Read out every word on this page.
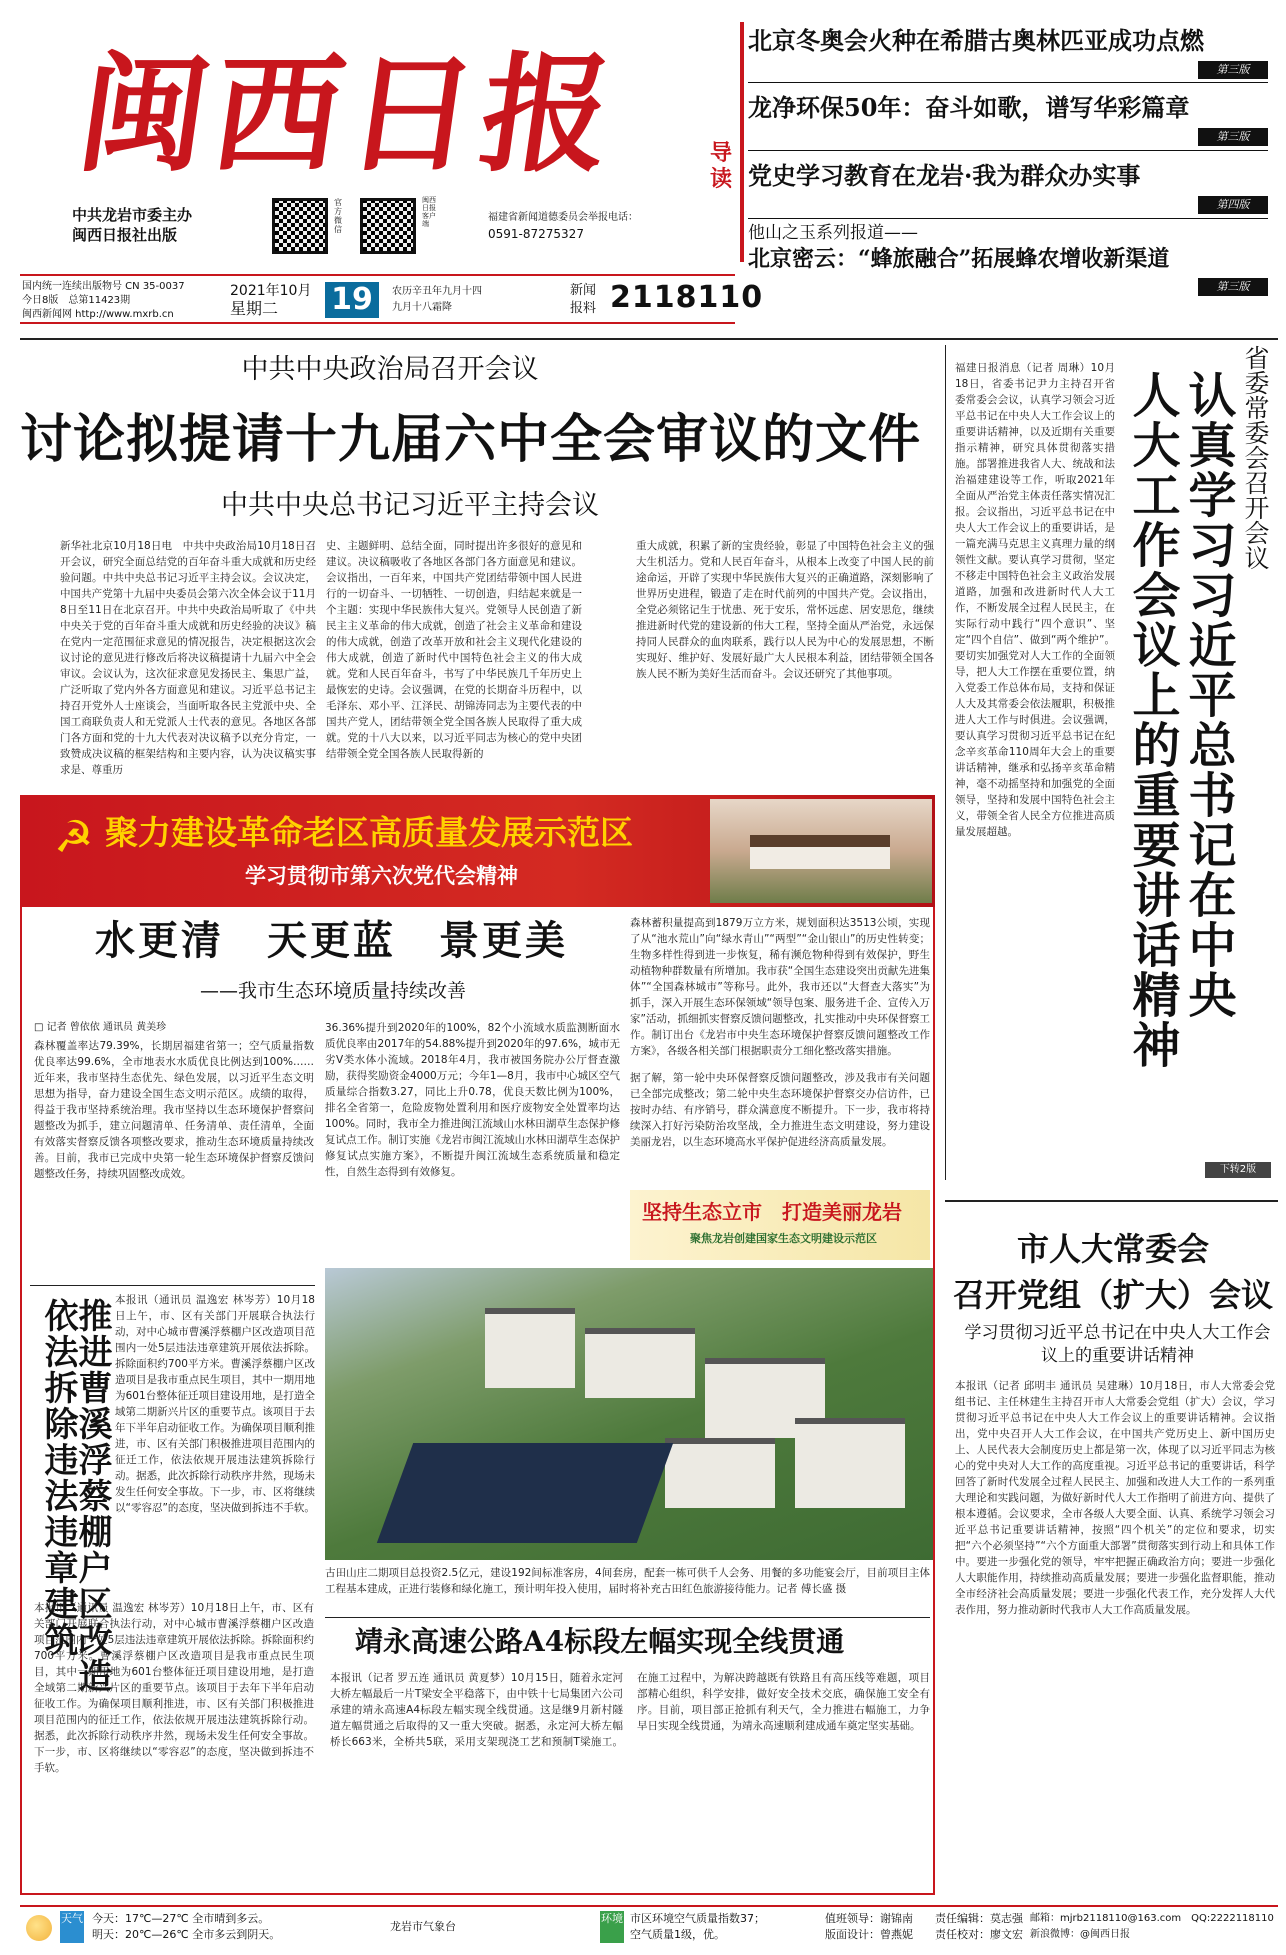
闽西日报
中共龙岩市委主办
闽西日报社出版
官方微信
闽西日报客户端
福建省新闻道德委员会举报电话：
0591-87275327
国内统一连续出版物号 CN 35-0037
今日8版　总第11423期
闽西新闻网 http://www.mxrb.cn
2021年10月
星期二	19	农历辛丑年九月十四
九月十八霜降
新闻
报料 2118110
导读
北京冬奥会火种在希腊古奥林匹亚成功点燃
第三版
龙净环保50年：奋斗如歌，谱写华彩篇章
第三版
党史学习教育在龙岩·我为群众办实事
第四版
他山之玉系列报道——
北京密云：“蜂旅融合”拓展蜂农增收新渠道
第三版
中共中央政治局召开会议
讨论拟提请十九届六中全会审议的文件
中共中央总书记习近平主持会议
新华社北京10月18日电　中共中央政治局10月18日召开会议，研究全面总结党的百年奋斗重大成就和历史经验问题。中共中央总书记习近平主持会议。会议决定，中国共产党第十九届中央委员会第六次全体会议于11月8日至11日在北京召开。中共中央政治局听取了《中共中央关于党的百年奋斗重大成就和历史经验的决议》稿在党内一定范围征求意见的情况报告，决定根据这次会议讨论的意见进行修改后将决议稿提请十九届六中全会审议。会议认为，这次征求意见发扬民主、集思广益，广泛听取了党内外各方面意见和建议。习近平总书记主持召开党外人士座谈会，当面听取各民主党派中央、全国工商联负责人和无党派人士代表的意见。各地区各部门各方面和党的十九大代表对决议稿予以充分肯定，一致赞成决议稿的框架结构和主要内容，认为决议稿实事求是、尊重历
史、主题鲜明、总结全面，同时提出许多很好的意见和建议。决议稿吸收了各地区各部门各方面意见和建议。会议指出，一百年来，中国共产党团结带领中国人民进行的一切奋斗、一切牺牲、一切创造，归结起来就是一个主题：实现中华民族伟大复兴。党领导人民创造了新民主主义革命的伟大成就，创造了社会主义革命和建设的伟大成就，创造了改革开放和社会主义现代化建设的伟大成就，创造了新时代中国特色社会主义的伟大成就。党和人民百年奋斗，书写了中华民族几千年历史上最恢宏的史诗。会议强调，在党的长期奋斗历程中，以毛泽东、邓小平、江泽民、胡锦涛同志为主要代表的中国共产党人，团结带领全党全国各族人民取得了重大成就。党的十八大以来，以习近平同志为核心的党中央团结带领全党全国各族人民取得新的
重大成就，积累了新的宝贵经验，彰显了中国特色社会主义的强大生机活力。党和人民百年奋斗，从根本上改变了中国人民的前途命运，开辟了实现中华民族伟大复兴的正确道路，深刻影响了世界历史进程，锻造了走在时代前列的中国共产党。会议指出，全党必须铭记生于忧患、死于安乐，常怀远虑、居安思危，继续推进新时代党的建设新的伟大工程，坚持全面从严治党，永远保持同人民群众的血肉联系，践行以人民为中心的发展思想，不断实现好、维护好、发展好最广大人民根本利益，团结带领全国各族人民不断为美好生活而奋斗。会议还研究了其他事项。
省委常委会召开会议
认真学习习近平总书记在中央
人大工作会议上的重要讲话精神
福建日报消息（记者 周琳）10月18日，省委书记尹力主持召开省委常委会会议，认真学习领会习近平总书记在中央人大工作会议上的重要讲话精神，以及近期有关重要指示精神，研究具体贯彻落实措施。部署推进我省人大、统战和法治福建建设等工作，听取2021年全面从严治党主体责任落实情况汇报。会议指出，习近平总书记在中央人大工作会议上的重要讲话，是一篇充满马克思主义真理力量的纲领性文献。要认真学习贯彻，坚定不移走中国特色社会主义政治发展道路，加强和改进新时代人大工作，不断发展全过程人民民主，在实际行动中践行“四个意识”、坚定“四个自信”、做到“两个维护”。要切实加强党对人大工作的全面领导，把人大工作摆在重要位置，纳入党委工作总体布局，支持和保证人大及其常委会依法履职，积极推进人大工作与时俱进。会议强调，要认真学习贯彻习近平总书记在纪念辛亥革命110周年大会上的重要讲话精神，继承和弘扬辛亥革命精神，毫不动摇坚持和加强党的全面领导，坚持和发展中国特色社会主义，带领全省人民全方位推进高质量发展超越。
下转2版
☭ 聚力建设革命老区高质量发展示范区
学习贯彻市第六次党代会精神
水更清　天更蓝　景更美
——我市生态环境质量持续改善
□ 记者 曾依依 通讯员 黄美珍
森林覆盖率达79.39%，长期居福建省第一；空气质量指数优良率达99.6%，全市地表水水质优良比例达到100%……近年来，我市坚持生态优先、绿色发展，以习近平生态文明思想为指导，奋力建设全国生态文明示范区。成绩的取得，得益于我市坚持系统治理。我市坚持以生态环境保护督察问题整改为抓手，建立问题清单、任务清单、责任清单，全面有效落实督察反馈各项整改要求，推动生态环境质量持续改善。目前，我市已完成中央第一轮生态环境保护督察反馈问题整改任务，持续巩固整改成效。
36.36%提升到2020年的100%，82个小流域水质监测断面水质优良率由2017年的54.88%提升到2020年的97.6%，城市无劣Ⅴ类水体小流域。2018年4月，我市被国务院办公厅督查激励，获得奖励资金4000万元；今年1—8月，我市中心城区空气质量综合指数3.27，同比上升0.78，优良天数比例为100%，排名全省第一，危险废物处置利用和医疗废物安全处置率均达100%。同时，我市全力推进闽江流域山水林田湖草生态保护修复试点工作。制订实施《龙岩市闽江流域山水林田湖草生态保护修复试点实施方案》，不断提升闽江流域生态系统质量和稳定性，自然生态得到有效修复。
森林蓄积量提高到1879万立方米，规划面积达3513公顷，实现了从“池水荒山”向“绿水青山”“两型”“金山银山”的历史性转变；生物多样性得到进一步恢复，稀有濒危物种得到有效保护，野生动植物种群数量有所增加。我市获“全国生态建设突出贡献先进集体”“全国森林城市”等称号。此外，我市还以“大督查大落实”为抓手，深入开展生态环保领域“领导包案、服务进千企、宣传入万家”活动，抓细抓实督察反馈问题整改，扎实推动中央环保督察工作。制订出台《龙岩市中央生态环境保护督察反馈问题整改工作方案》，各级各相关部门根据职责分工细化整改落实措施。
据了解，第一轮中央环保督察反馈问题整改，涉及我市有关问题已全部完成整改；第二轮中央生态环境保护督察交办信访件，已按时办结、有序销号，群众满意度不断提升。下一步，我市将持续深入打好污染防治攻坚战，全力推进生态文明建设，努力建设美丽龙岩，以生态环境高水平保护促进经济高质量发展。
坚持生态立市　打造美丽龙岩
聚焦龙岩创建国家生态文明建设示范区
推进曹溪浮蔡棚户区改造
依法拆除违法违章建筑	本报讯（通讯员 温逸宏 林岑芳）10月18日上午，市、区有关部门开展联合执法行动，对中心城市曹溪浮蔡棚户区改造项目范围内一处5层违法违章建筑开展依法拆除。拆除面积约700平方米。曹溪浮蔡棚户区改造项目是我市重点民生项目，其中一期用地为601台整体征迁项目建设用地，是打造全域第二期新兴片区的重要节点。该项目于去年下半年启动征收工作。为确保项目顺利推进，市、区有关部门积极推进项目范围内的征迁工作，依法依规开展违法建筑拆除行动。据悉，此次拆除行动秩序井然，现场未发生任何安全事故。下一步，市、区将继续以“零容忍”的态度，坚决做到拆违不手软。
本报讯（通讯员 温逸宏 林岑芳）10月18日上午，市、区有关部门开展联合执法行动，对中心城市曹溪浮蔡棚户区改造项目范围内一处5层违法违章建筑开展依法拆除。拆除面积约700平方米。曹溪浮蔡棚户区改造项目是我市重点民生项目，其中一期用地为601台整体征迁项目建设用地，是打造全域第二期新兴片区的重要节点。该项目于去年下半年启动征收工作。为确保项目顺利推进，市、区有关部门积极推进项目范围内的征迁工作，依法依规开展违法建筑拆除行动。据悉，此次拆除行动秩序井然，现场未发生任何安全事故。下一步，市、区将继续以“零容忍”的态度，坚决做到拆违不手软。
古田山庄二期项目总投资2.5亿元，建设192间标准客房，4间套房，配套一栋可供千人会务、用餐的多功能宴会厅，目前项目主体工程基本建成，正进行装修和绿化施工，预计明年投入使用，届时将补充古田红色旅游接待能力。记者 傅长盛 摄
靖永高速公路A4标段左幅实现全线贯通
本报讯（记者 罗五连 通讯员 黄夏梦）10月15日，随着永定河大桥左幅最后一片T梁安全平稳落下，由中铁十七局集团六公司承建的靖永高速A4标段左幅实现全线贯通。这是继9月新村隧道左幅贯通之后取得的又一重大突破。据悉，永定河大桥左幅桥长663米，全桥共5联，采用支架现浇工艺和预制T梁施工。在施工过程中，为解决跨越既有铁路且有高压线等难题，项目部精心组织，科学安排，做好安全技术交底，确保施工安全有序。目前，项目部正抢抓有利天气，全力推进右幅施工，力争早日实现全线贯通，为靖永高速顺利建成通车奠定坚实基础。
市人大常委会
召开党组（扩大）会议
学习贯彻习近平总书记在中央人大工作会议上的重要讲话精神
本报讯（记者 邱明丰 通讯员 吴建琳）10月18日，市人大常委会党组书记、主任林建生主持召开市人大常委会党组（扩大）会议，学习贯彻习近平总书记在中央人大工作会议上的重要讲话精神。会议指出，党中央召开人大工作会议，在中国共产党历史上、新中国历史上、人民代表大会制度历史上都是第一次，体现了以习近平同志为核心的党中央对人大工作的高度重视。习近平总书记的重要讲话，科学回答了新时代发展全过程人民民主、加强和改进人大工作的一系列重大理论和实践问题，为做好新时代人大工作指明了前进方向、提供了根本遵循。会议要求，全市各级人大要全面、认真、系统学习领会习近平总书记重要讲话精神，按照“四个机关”的定位和要求，切实把“六个必须坚持”“六个方面重大部署”贯彻落实到行动上和具体工作中。要进一步强化党的领导，牢牢把握正确政治方向；要进一步强化人大职能作用，持续推动高质量发展；要进一步强化监督职能，推动全市经济社会高质量发展；要进一步强化代表工作，充分发挥人大代表作用，努力推动新时代我市人大工作高质量发展。
天气 今天：17℃—27℃ 全市晴到多云。
明天：20℃—26℃ 全市多云到阴天。
龙岩市气象台
环境 市区环境空气质量指数37；
空气质量1级，优。
值班领导：谢锦南　　责任编辑：莫志强
版面设计：曾燕妮　　责任校对：廖文宏
邮箱：mjrb2118110@163.com　QQ:2222118110
新浪微博：@闽西日报
